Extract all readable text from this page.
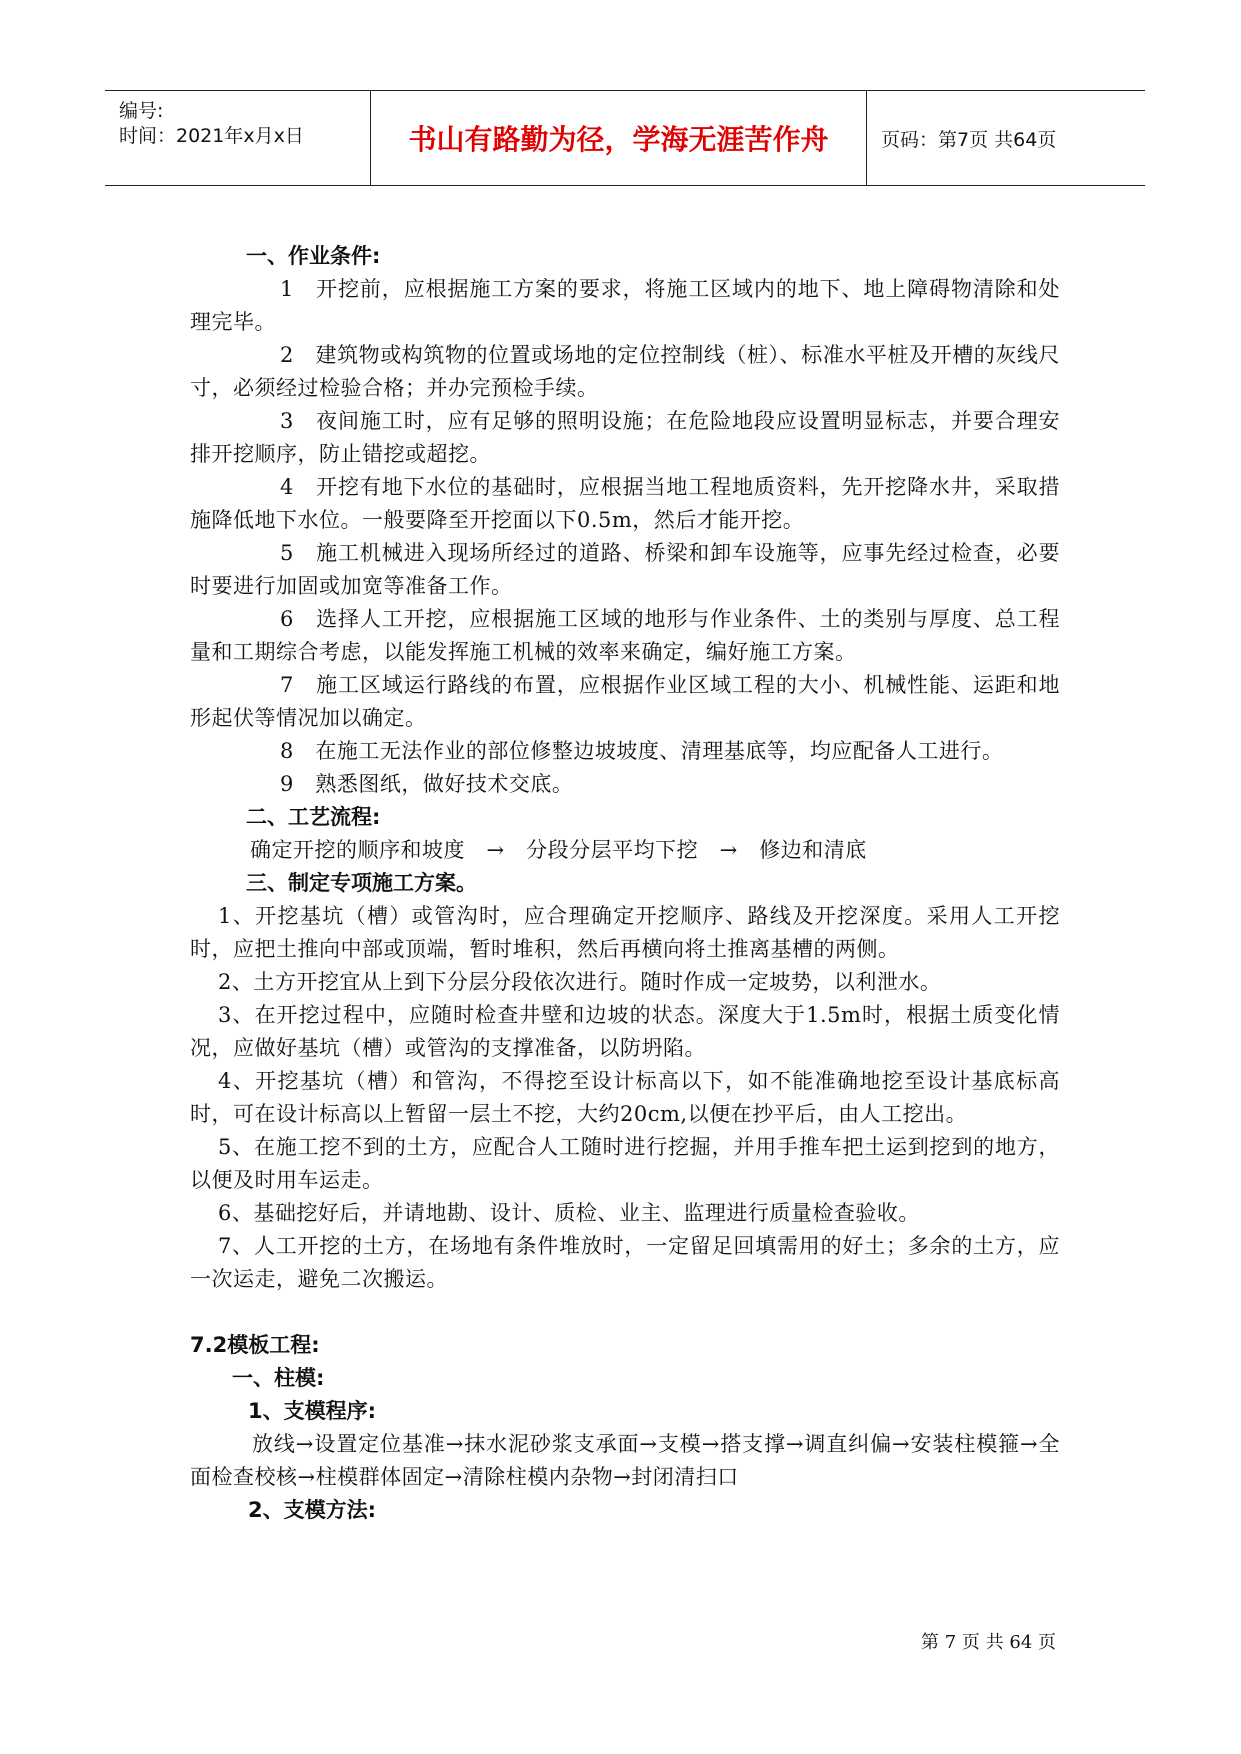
编号:
时间：2021年x月x日	书山有路勤为径，学海无涯苦作舟	页码：第7页 共64页

一、作业条件:

1　开挖前，应根据施工方案的要求，将施工区域内的地下、地上障碍物清除和处理完毕。

2　建筑物或构筑物的位置或场地的定位控制线（桩）、标准水平桩及开槽的灰线尺寸，必须经过检验合格；并办完预检手续。

3　夜间施工时，应有足够的照明设施；在危险地段应设置明显标志，并要合理安排开挖顺序，防止错挖或超挖。

4　开挖有地下水位的基础时，应根据当地工程地质资料，先开挖降水井，采取措施降低地下水位。一般要降至开挖面以下0.5m，然后才能开挖。

5　施工机械进入现场所经过的道路、桥梁和卸车设施等，应事先经过检查，必要时要进行加固或加宽等准备工作。

6　选择人工开挖，应根据施工区域的地形与作业条件、土的类别与厚度、总工程量和工期综合考虑，以能发挥施工机械的效率来确定，编好施工方案。

7　施工区域运行路线的布置，应根据作业区域工程的大小、机械性能、运距和地形起伏等情况加以确定。

8　在施工无法作业的部位修整边坡坡度、清理基底等，均应配备人工进行。

9　熟悉图纸，做好技术交底。

二、工艺流程:

确定开挖的顺序和坡度　→　分段分层平均下挖　→　修边和清底

三、制定专项施工方案。

1、开挖基坑（槽）或管沟时，应合理确定开挖顺序、路线及开挖深度。采用人工开挖时，应把土推向中部或顶端，暂时堆积，然后再横向将土推离基槽的两侧。

2、土方开挖宜从上到下分层分段依次进行。随时作成一定坡势，以利泄水。

3、在开挖过程中，应随时检查井壁和边坡的状态。深度大于1.5m时，根据土质变化情况，应做好基坑（槽）或管沟的支撑准备，以防坍陷。

4、开挖基坑（槽）和管沟，不得挖至设计标高以下，如不能准确地挖至设计基底标高时，可在设计标高以上暂留一层土不挖，大约20cm,以便在抄平后，由人工挖出。

5、在施工挖不到的土方，应配合人工随时进行挖掘，并用手推车把土运到挖到的地方，以便及时用车运走。

6、基础挖好后，并请地勘、设计、质检、业主、监理进行质量检查验收。

7、人工开挖的土方，在场地有条件堆放时，一定留足回填需用的好土；多余的土方，应一次运走，避免二次搬运。

7.2模板工程:

一、柱模:

1、支模程序:

放线→设置定位基准→抹水泥砂浆支承面→支模→搭支撑→调直纠偏→安装柱模箍→全面检查校核→柱模群体固定→清除柱模内杂物→封闭清扫口

2、支模方法:

第 7 页 共 64 页
